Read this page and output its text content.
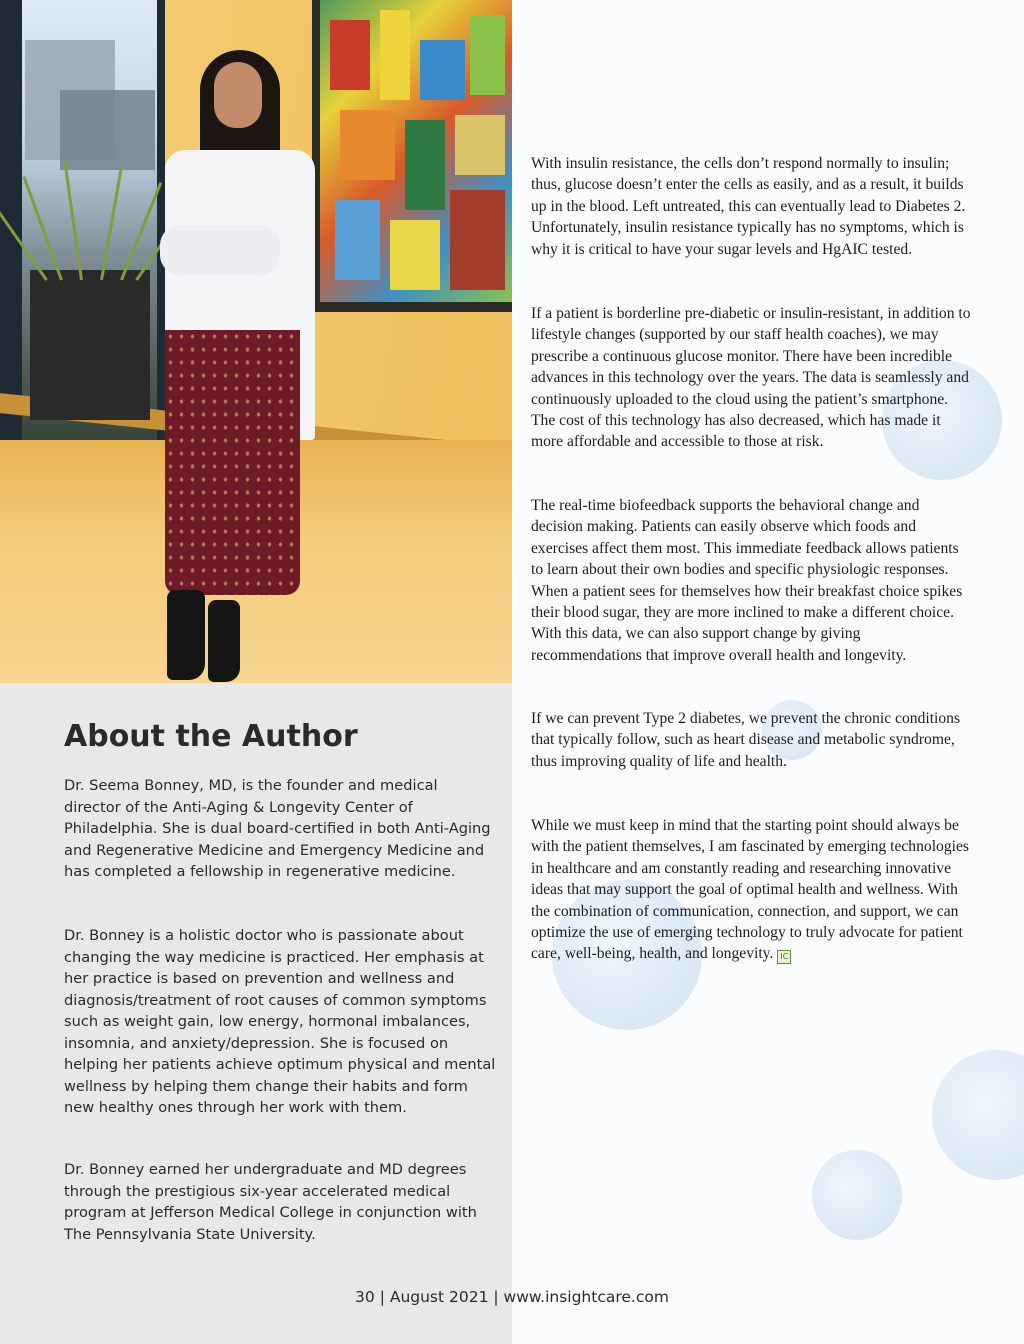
About the Author

Dr. Seema Bonney, MD, is the founder and medical director of the Anti-Aging & Longevity Center of Philadelphia. She is dual board-certified in both Anti-Aging and Regenerative Medicine and Emergency Medicine and has completed a fellowship in regenerative medicine.

Dr. Bonney is a holistic doctor who is passionate about changing the way medicine is practiced. Her emphasis at her practice is based on prevention and wellness and diagnosis/treatment of root causes of common symptoms such as weight gain, low energy, hormonal imbalances, insomnia, and anxiety/depression. She is focused on helping her patients achieve optimum physical and mental wellness by helping them change their habits and form new healthy ones through her work with them.

Dr. Bonney earned her undergraduate and MD degrees through the prestigious six-year accelerated medical program at Jefferson Medical College in conjunction with The Pennsylvania State University.

With insulin resistance, the cells don’t respond normally to insulin; thus, glucose doesn’t enter the cells as easily, and as a result, it builds up in the blood. Left untreated, this can eventually lead to Diabetes 2. Unfortunately, insulin resistance typically has no symptoms, which is why it is critical to have your sugar levels and HgAIC tested.

If a patient is borderline pre-diabetic or insulin-resistant, in addition to lifestyle changes (supported by our staff health coaches), we may prescribe a continuous glucose monitor. There have been incredible advances in this technology over the years. The data is seamlessly and continuously uploaded to the cloud using the patient’s smartphone. The cost of this technology has also decreased, which has made it more affordable and accessible to those at risk.

The real-time biofeedback supports the behavioral change and decision making. Patients can easily observe which foods and exercises affect them most. This immediate feedback allows patients to learn about their own bodies and specific physiologic responses. When a patient sees for themselves how their breakfast choice spikes their blood sugar, they are more inclined to make a different choice. With this data, we can also support change by giving recommendations that improve overall health and longevity.

If we can prevent Type 2 diabetes, we prevent the chronic conditions that typically follow, such as heart disease and metabolic syndrome, thus improving quality of life and health.

While we must keep in mind that the starting point should always be with the patient themselves, I am fascinated by emerging technologies in healthcare and am constantly reading and researching innovative ideas that may support the goal of optimal health and wellness. With the combination of communication, connection, and support, we can optimize the use of emerging technology to truly advocate for patient care, well-being, health, and longevity. IC

30 | August 2021 | www.insightcare.com
